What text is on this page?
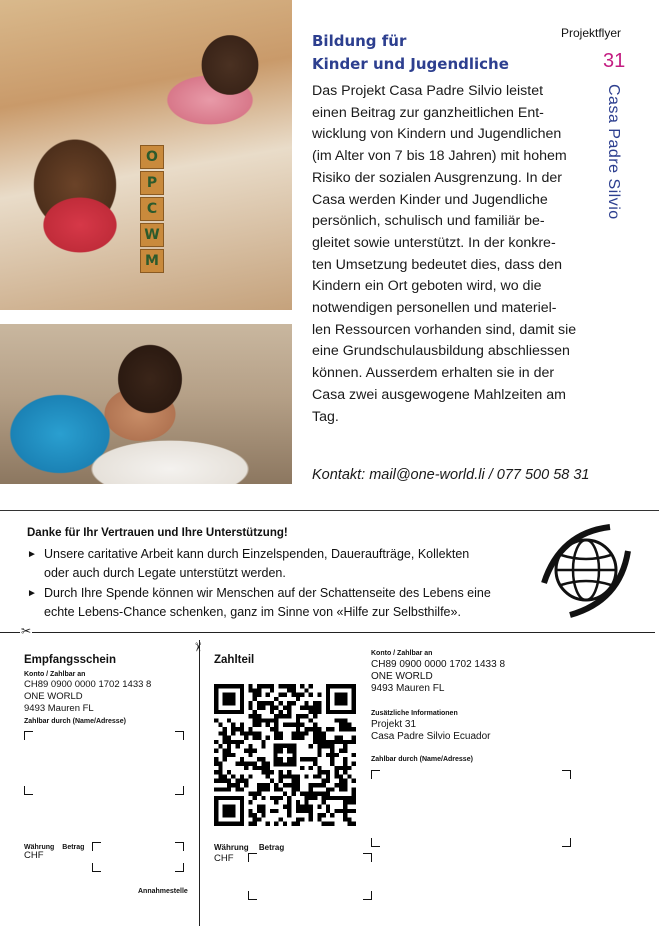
O
P
C
W
M
Bildung für
Kinder und Jugendliche
Projektflyer
31
Casa Padre Silvio
Das Projekt Casa Padre Silvio leistet
einen Beitrag zur ganzheitlichen Ent-
wicklung von Kindern und Jugendlichen
(im Alter von 7 bis 18 Jahren) mit hohem
Risiko der sozialen Ausgrenzung. In der
Casa werden Kinder und Jugendliche
persönlich, schulisch und familiär be-
gleitet sowie unterstützt. In der konkre-
ten Umsetzung bedeutet dies, dass den
Kindern ein Ort geboten wird, wo die
notwendigen personellen und materiel-
len Ressourcen vorhanden sind, damit sie
eine Grundschulausbildung abschliessen
können. Ausserdem erhalten sie in der
Casa zwei ausgewogene Mahlzeiten am
Tag.
Kontakt: mail@one-world.li / 077 500 58 31
Danke für Ihr Vertrauen und Ihre Unterstützung!
► Unsere caritative Arbeit kann durch Einzelspenden, Daueraufträge, Kollekten
oder auch durch Legate unterstützt werden.
► Durch Ihre Spende können wir Menschen auf der Schattenseite des Lebens eine
echte Lebens-Chance schenken, ganz im Sinne von «Hilfe zur Selbsthilfe».
✂
✂
Empfangsschein
Konto / Zahlbar an
CH89 0900 0000 1702 1433 8
ONE WORLD
9493 Mauren FL
Zahlbar durch (Name/Adresse)
Währung Betrag
CHF
Annahmestelle
Zahlteil
Währung Betrag
CHF
Konto / Zahlbar an
CH89 0900 0000 1702 1433 8
ONE WORLD
9493 Mauren FL
Zusätzliche Informationen
Projekt 31
Casa Padre Silvio Ecuador
Zahlbar durch (Name/Adresse)
